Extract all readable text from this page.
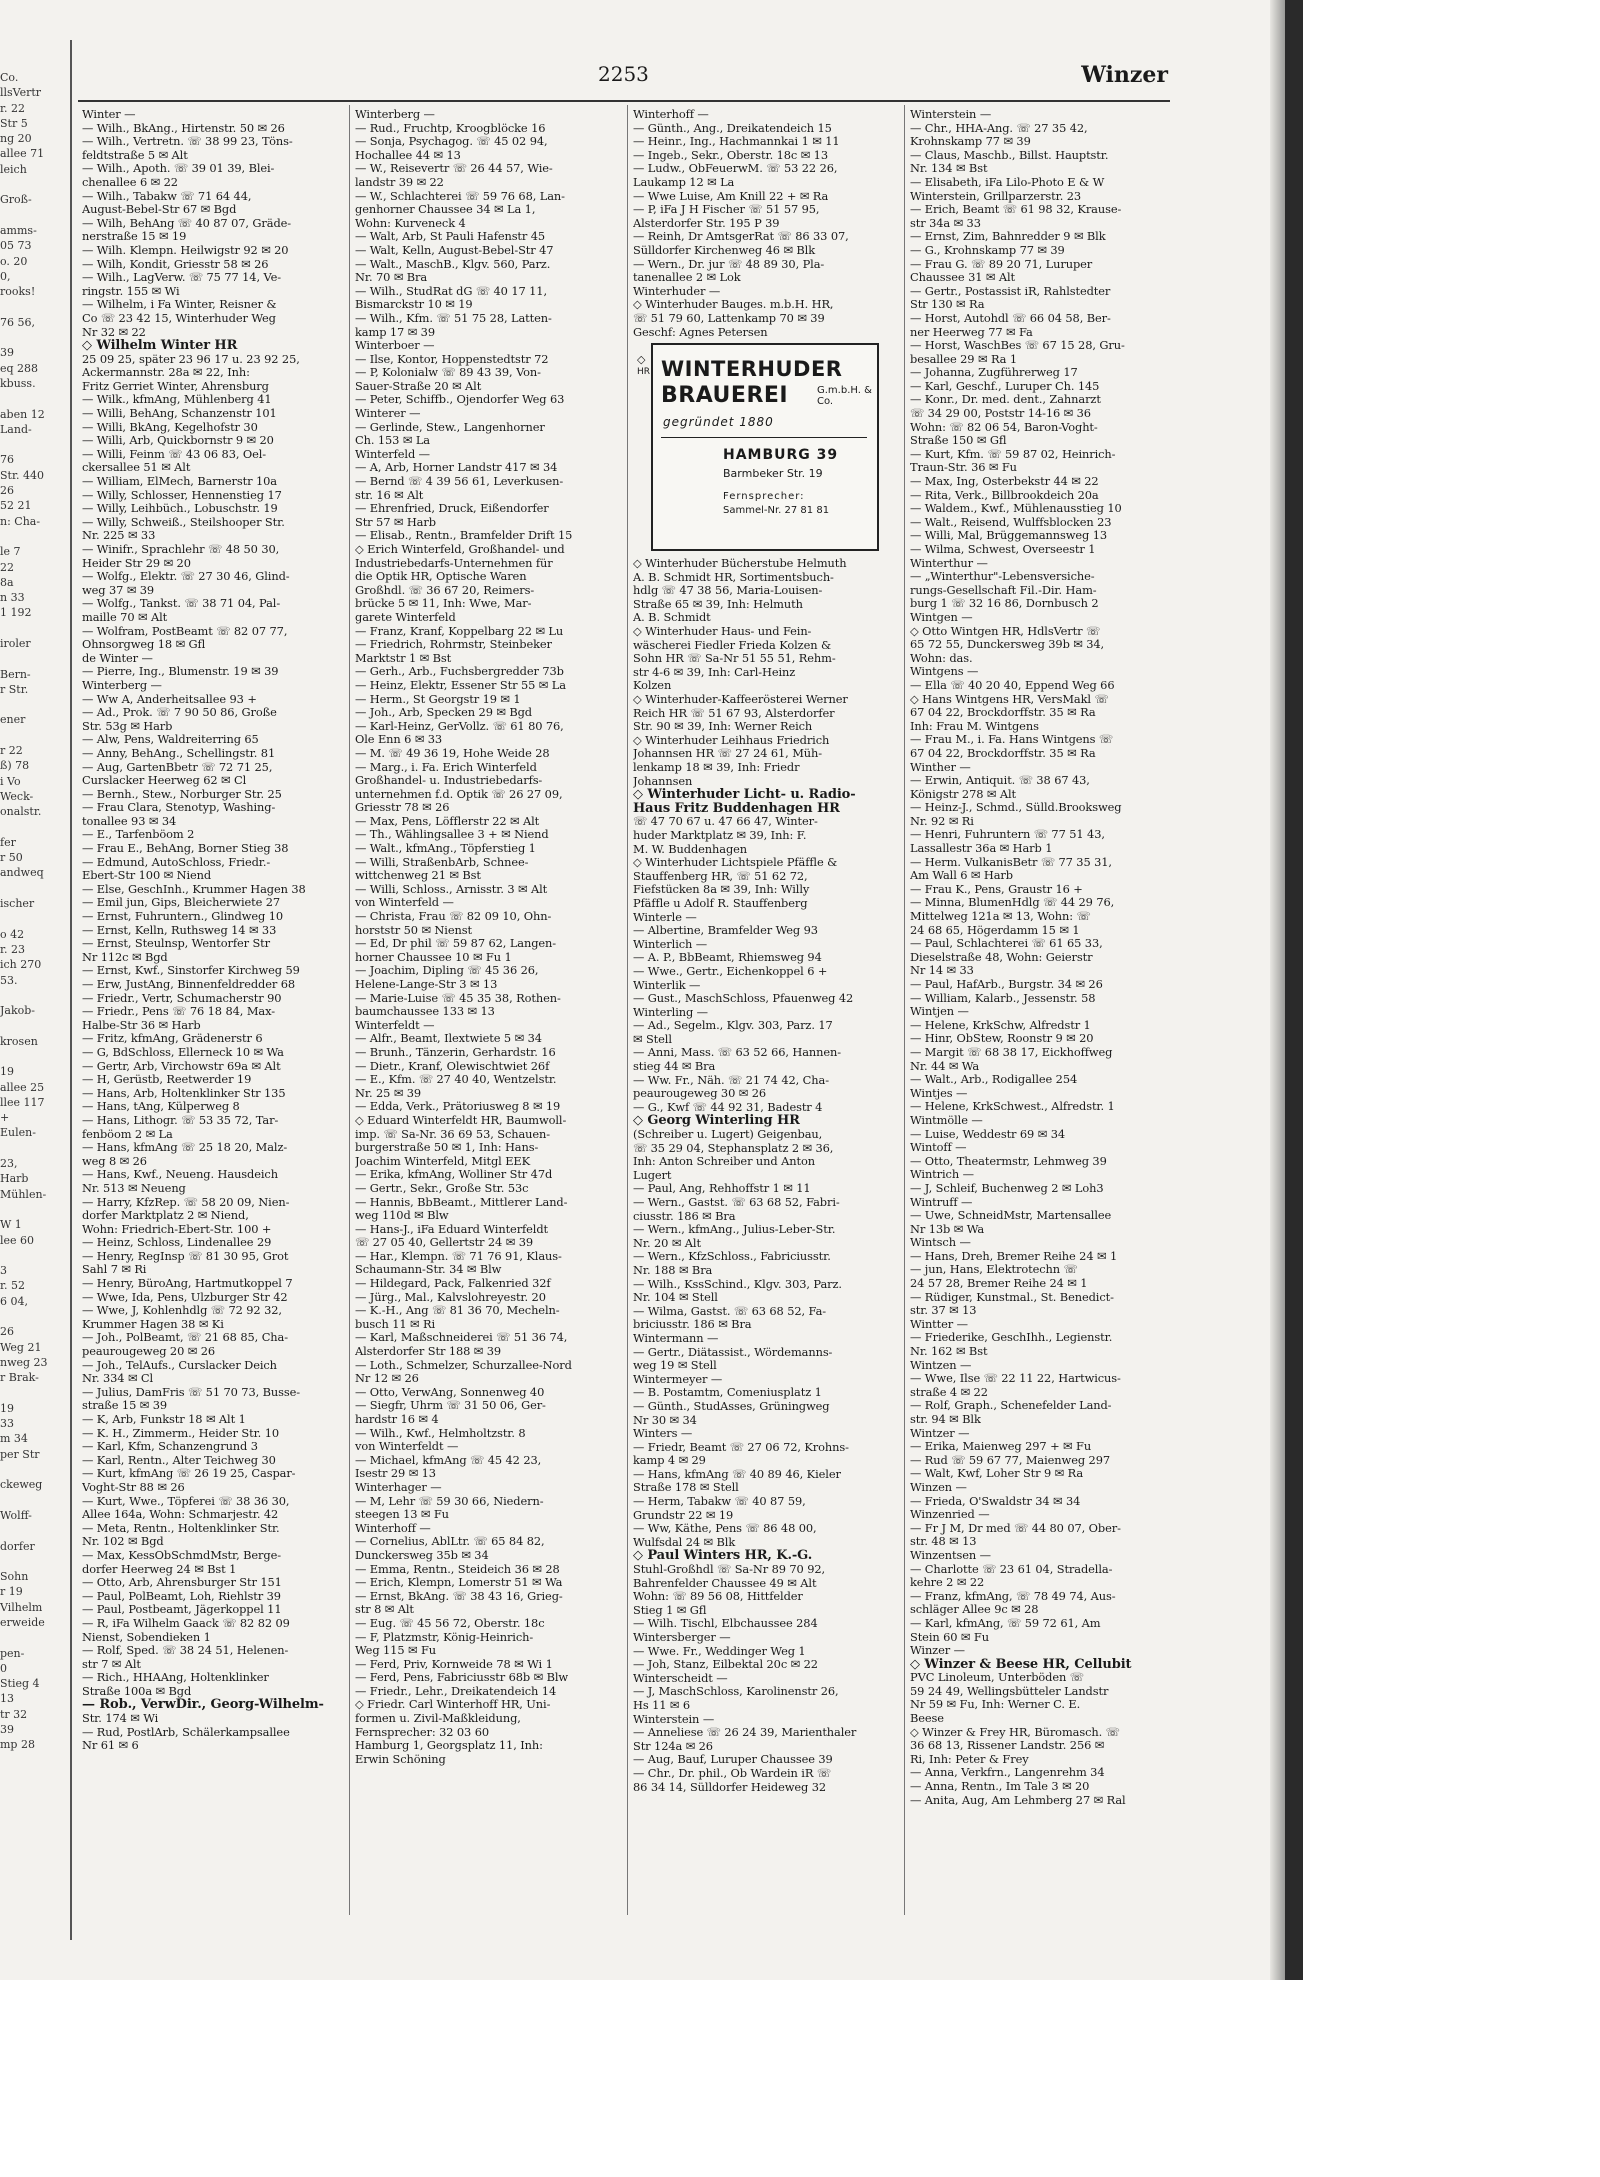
Co.
llsVertr
r. 22
Str 5
ng 20
allee 71
leich

Groß-

amms-
05 73
o. 20
0,
rooks!

76 56,

39
eq 288
kbuss.

aben 12
Land-

76
Str. 440
26
52 21
n: Cha-

le 7
22
8a
n 33
1 192

iroler

Bern-
r Str.

ener

r 22
ß) 78
i Vo
Weck-
onalstr.

fer
r 50
andweq

ischer

o 42
r. 23
ich 270
53.

Jakob-

krosen

19
allee 25
llee 117
+
Eulen-

23,
Harb
Mühlen-

W 1
lee 60

3
r. 52
6 04,

26
Weg 21
nweg 23
r Brak-

19
33
m 34
per Str

ckeweg

Wolff-

dorfer

Sohn
r 19
Vilhelm
erweide

pen-
0
Stieg 4
13
tr 32
39
mp 28
2253	Winzer
Winter —
— Wilh., BkAng., Hirtenstr. 50 ✉ 26
— Wilh., Vertretn. ☏ 38 99 23, Töns-
feldtstraße 5 ✉ Alt
— Wilh., Apoth. ☏ 39 01 39, Blei-
chenallee 6 ✉ 22
— Wilh., Tabakw ☏ 71 64 44,
August-Bebel-Str 67 ✉ Bgd
— Wilh, BehAng ☏ 40 87 07, Gräde-
nerstraße 15 ✉ 19
— Wilh. Klempn. Heilwigstr 92 ✉ 20
— Wilh, Kondit, Griesstr 58 ✉ 26
— Wilh., LagVerw. ☏ 75 77 14, Ve-
ringstr. 155 ✉ Wi
— Wilhelm, i Fa Winter, Reisner &
Co ☏ 23 42 15, Winterhuder Weg
Nr 32 ✉ 22
◇ Wilhelm Winter HR
25 09 25, später 23 96 17 u. 23 92 25,
Ackermannstr. 28a ✉ 22, Inh:
Fritz Gerriet Winter, Ahrensburg
— Wilk., kfmAng, Mühlenberg 41
— Willi, BehAng, Schanzenstr 101
— Willi, BkAng, Kegelhofstr 30
— Willi, Arb, Quickbornstr 9 ✉ 20
— Willi, Feinm ☏ 43 06 83, Oel-
ckersallee 51 ✉ Alt
— William, ElMech, Barnerstr 10a
— Willy, Schlosser, Hennenstieg 17
— Willy, Leihbüch., Lobuschstr. 19
— Willy, Schweiß., Steilshooper Str.
Nr. 225 ✉ 33
— Winifr., Sprachlehr ☏ 48 50 30,
Heider Str 29 ✉ 20
— Wolfg., Elektr. ☏ 27 30 46, Glind-
weg 37 ✉ 39
— Wolfg., Tankst. ☏ 38 71 04, Pal-
maille 70 ✉ Alt
— Wolfram, PostBeamt ☏ 82 07 77,
Ohnsorgweg 18 ✉ Gfl
de Winter —
— Pierre, Ing., Blumenstr. 19 ✉ 39
Winterberg —
— Ww A, Anderheitsallee 93 +
— Ad., Prok. ☏ 7 90 50 86, Große
Str. 53g ✉ Harb
— Alw, Pens, Waldreiterring 65
— Anny, BehAng., Schellingstr. 81
— Aug, GartenBbetr ☏ 72 71 25,
Curslacker Heerweg 62 ✉ Cl
— Bernh., Stew., Norburger Str. 25
— Frau Clara, Stenotyp, Washing-
tonallee 93 ✉ 34
— E., Tarfenböom 2
— Frau E., BehAng, Borner Stieg 38
— Edmund, AutoSchloss, Friedr.-
Ebert-Str 100 ✉ Niend
— Else, GeschInh., Krummer Hagen 38
— Emil jun, Gips, Bleicherwiete 27
— Ernst, Fuhruntern., Glindweg 10
— Ernst, Kelln, Ruthsweg 14 ✉ 33
— Ernst, Steulnsp, Wentorfer Str
Nr 112c ✉ Bgd
— Ernst, Kwf., Sinstorfer Kirchweg 59
— Erw, JustAng, Binnenfeldredder 68
— Friedr., Vertr, Schumacherstr 90
— Friedr., Pens ☏ 76 18 84, Max-
Halbe-Str 36 ✉ Harb
— Fritz, kfmAng, Grädenerstr 6
— G, BdSchloss, Ellerneck 10 ✉ Wa
— Gertr, Arb, Virchowstr 69a ✉ Alt
— H, Gerüstb, Reetwerder 19
— Hans, Arb, Holtenklinker Str 135
— Hans, tAng, Külperweg 8
— Hans, Lithogr. ☏ 53 35 72, Tar-
fenböom 2 ✉ La
— Hans, kfmAng ☏ 25 18 20, Malz-
weg 8 ✉ 26
— Hans, Kwf., Neueng. Hausdeich
Nr. 513 ✉ Neueng
— Harry, KfzRep. ☏ 58 20 09, Nien-
dorfer Marktplatz 2 ✉ Niend,
Wohn: Friedrich-Ebert-Str. 100 +
— Heinz, Schloss, Lindenallee 29
— Henry, RegInsp ☏ 81 30 95, Grot
Sahl 7 ✉ Ri
— Henry, BüroAng, Hartmutkoppel 7
— Wwe, Ida, Pens, Ulzburger Str 42
— Wwe, J, Kohlenhdlg ☏ 72 92 32,
Krummer Hagen 38 ✉ Ki
— Joh., PolBeamt, ☏ 21 68 85, Cha-
peaurougeweg 20 ✉ 26
— Joh., TelAufs., Curslacker Deich
Nr. 334 ✉ Cl
— Julius, DamFris ☏ 51 70 73, Busse-
straße 15 ✉ 39
— K, Arb, Funkstr 18 ✉ Alt 1
— K. H., Zimmerm., Heider Str. 10
— Karl, Kfm, Schanzengrund 3
— Karl, Rentn., Alter Teichweg 30
— Kurt, kfmAng ☏ 26 19 25, Caspar-
Voght-Str 88 ✉ 26
— Kurt, Wwe., Töpferei ☏ 38 36 30,
Allee 164a, Wohn: Schmarjestr. 42
— Meta, Rentn., Holtenklinker Str.
Nr. 102 ✉ Bgd
— Max, KessObSchmdMstr, Berge-
dorfer Heerweg 24 ✉ Bst 1
— Otto, Arb, Ahrensburger Str 151
— Paul, PolBeamt, Loh, Riehlstr 39
— Paul, Postbeamt, Jägerkoppel 11
— R, iFa Wilhelm Gaack ☏ 82 82 09
Nienst, Sobendieken 1
— Rolf, Sped. ☏ 38 24 51, Helenen-
str 7 ✉ Alt
— Rich., HHAAng, Holtenklinker
Straße 100a ✉ Bgd
— Rob., VerwDir., Georg-Wilhelm-
Str. 174 ✉ Wi
— Rud, PostlArb, Schälerkampsallee
Nr 61 ✉ 6
Winterberg —
— Rud., Fruchtp, Kroogblöcke 16
— Sonja, Psychagog. ☏ 45 02 94,
Hochallee 44 ✉ 13
— W., Reisevertr ☏ 26 44 57, Wie-
landstr 39 ✉ 22
— W., Schlachterei ☏ 59 76 68, Lan-
genhorner Chaussee 34 ✉ La 1,
Wohn: Kurveneck 4
— Walt, Arb, St Pauli Hafenstr 45
— Walt, Kelln, August-Bebel-Str 47
— Walt., MaschB., Klgv. 560, Parz.
Nr. 70 ✉ Bra
— Wilh., StudRat dG ☏ 40 17 11,
Bismarckstr 10 ✉ 19
— Wilh., Kfm. ☏ 51 75 28, Latten-
kamp 17 ✉ 39
Winterboer —
— Ilse, Kontor, Hoppenstedtstr 72
— P, Kolonialw ☏ 89 43 39, Von-
Sauer-Straße 20 ✉ Alt
— Peter, Schiffb., Ojendorfer Weg 63
Winterer —
— Gerlinde, Stew., Langenhorner
Ch. 153 ✉ La
Winterfeld —
— A, Arb, Horner Landstr 417 ✉ 34
— Bernd ☏ 4 39 56 61, Leverkusen-
str. 16 ✉ Alt
— Ehrenfried, Druck, Eißendorfer
Str 57 ✉ Harb
— Elisab., Rentn., Bramfelder Drift 15
◇ Erich Winterfeld, Großhandel- und
Industriebedarfs-Unternehmen für
die Optik HR, Optische Waren
Großhdl. ☏ 36 67 20, Reimers-
brücke 5 ✉ 11, Inh: Wwe, Mar-
garete Winterfeld
— Franz, Kranf, Koppelbarg 22 ✉ Lu
— Friedrich, Rohrmstr, Steinbeker
Marktstr 1 ✉ Bst
— Gerh., Arb., Fuchsbergredder 73b
— Heinz, Elektr, Essener Str 55 ✉ La
— Herm., St Georgstr 19 ✉ 1
— Joh., Arb, Specken 29 ✉ Bgd
— Karl-Heinz, GerVollz. ☏ 61 80 76,
Ole Enn 6 ✉ 33
— M. ☏ 49 36 19, Hohe Weide 28
— Marg., i. Fa. Erich Winterfeld
Großhandel- u. Industriebedarfs-
unternehmen f.d. Optik ☏ 26 27 09,
Griesstr 78 ✉ 26
— Max, Pens, Löfflerstr 22 ✉ Alt
— Th., Wählingsallee 3 + ✉ Niend
— Walt., kfmAng., Töpferstieg 1
— Willi, StraßenbArb, Schnee-
wittchenweg 21 ✉ Bst
— Willi, Schloss., Arnisstr. 3 ✉ Alt
von Winterfeld —
— Christa, Frau ☏ 82 09 10, Ohn-
horststr 50 ✉ Nienst
— Ed, Dr phil ☏ 59 87 62, Langen-
horner Chaussee 10 ✉ Fu 1
— Joachim, Dipling ☏ 45 36 26,
Helene-Lange-Str 3 ✉ 13
— Marie-Luise ☏ 45 35 38, Rothen-
baumchaussee 133 ✉ 13
Winterfeldt —
— Alfr., Beamt, Ilextwiete 5 ✉ 34
— Brunh., Tänzerin, Gerhardstr. 16
— Dietr., Kranf, Olewischtwiet 26f
— E., Kfm. ☏ 27 40 40, Wentzelstr.
Nr. 25 ✉ 39
— Edda, Verk., Prätoriusweg 8 ✉ 19
◇ Eduard Winterfeldt HR, Baumwoll-
imp. ☏ Sa-Nr. 36 69 53, Schauen-
burgerstraße 50 ✉ 1, Inh: Hans-
Joachim Winterfeld, Mitgl EEK
— Erika, kfmAng, Wolliner Str 47d
— Gertr., Sekr., Große Str. 53c
— Hannis, BbBeamt., Mittlerer Land-
weg 110d ✉ Blw
— Hans-J., iFa Eduard Winterfeldt
☏ 27 05 40, Gellertstr 24 ✉ 39
— Har., Klempn. ☏ 71 76 91, Klaus-
Schaumann-Str. 34 ✉ Blw
— Hildegard, Pack, Falkenried 32f
— Jürg., Mal., Kalvslohreyestr. 20
— K.-H., Ang ☏ 81 36 70, Mecheln-
busch 11 ✉ Ri
— Karl, Maßschneiderei ☏ 51 36 74,
Alsterdorfer Str 188 ✉ 39
— Loth., Schmelzer, Schurzallee-Nord
Nr 12 ✉ 26
— Otto, VerwAng, Sonnenweg 40
— Siegfr, Uhrm ☏ 31 50 06, Ger-
hardstr 16 ✉ 4
— Wilh., Kwf., Helmholtzstr. 8
von Winterfeldt —
— Michael, kfmAng ☏ 45 42 23,
Isestr 29 ✉ 13
Winterhager —
— M, Lehr ☏ 59 30 66, Niedern-
steegen 13 ✉ Fu
Winterhoff —
— Cornelius, AblLtr. ☏ 65 84 82,
Dunckersweg 35b ✉ 34
— Emma, Rentn., Steideich 36 ✉ 28
— Erich, Klempn, Lomerstr 51 ✉ Wa
— Ernst, BkAng. ☏ 38 43 16, Grieg-
str 8 ✉ Alt
— Eug. ☏ 45 56 72, Oberstr. 18c
— F, Platzmstr, König-Heinrich-
Weg 115 ✉ Fu
— Ferd, Priv, Kornweide 78 ✉ Wi 1
— Ferd, Pens, Fabriciusstr 68b ✉ Blw
— Friedr., Lehr., Dreikatendeich 14
◇ Friedr. Carl Winterhoff HR, Uni-
formen u. Zivil-Maßkleidung,
Fernsprecher: 32 03 60
Hamburg 1, Georgsplatz 11, Inh:
Erwin Schöning
Winterhoff —
— Günth., Ang., Dreikatendeich 15
— Heinr., Ing., Hachmannkai 1 ✉ 11
— Ingeb., Sekr., Oberstr. 18c ✉ 13
— Ludw., ObFeuerwM. ☏ 53 22 26,
Laukamp 12 ✉ La
— Wwe Luise, Am Knill 22 + ✉ Ra
— P, iFa J H Fischer ☏ 51 57 95,
Alsterdorfer Str. 195 P 39
— Reinh, Dr AmtsgerRat ☏ 86 33 07,
Sülldorfer Kirchenweg 46 ✉ Blk
— Wern., Dr. jur ☏ 48 89 30, Pla-
tanenallee 2 ✉ Lok
Winterhuder —
◇ Winterhuder Bauges. m.b.H. HR,
☏ 51 79 60, Lattenkamp 70 ✉ 39
Geschf: Agnes Petersen
◇
HR WINTERHUDER
BRAUEREI	G.m.b.H. & Co.
gegründet 1880
HAMBURG 39
Barmbeker Str. 19
Fernsprecher:
Sammel-Nr. 27 81 81
◇ Winterhuder Bücherstube Helmuth
A. B. Schmidt HR, Sortimentsbuch-
hdlg ☏ 47 38 56, Maria-Louisen-
Straße 65 ✉ 39, Inh: Helmuth
A. B. Schmidt
◇ Winterhuder Haus- und Fein-
wäscherei Fiedler Frieda Kolzen &
Sohn HR ☏ Sa-Nr 51 55 51, Rehm-
str 4-6 ✉ 39, Inh: Carl-Heinz
Kolzen
◇ Winterhuder-Kaffeerösterei Werner
Reich HR ☏ 51 67 93, Alsterdorfer
Str. 90 ✉ 39, Inh: Werner Reich
◇ Winterhuder Leihhaus Friedrich
Johannsen HR ☏ 27 24 61, Müh-
lenkamp 18 ✉ 39, Inh: Friedr
Johannsen
◇ Winterhuder Licht- u. Radio-
Haus Fritz Buddenhagen HR
☏ 47 70 67 u. 47 66 47, Winter-
huder Marktplatz ✉ 39, Inh: F.
M. W. Buddenhagen
◇ Winterhuder Lichtspiele Pfäffle &
Stauffenberg HR, ☏ 51 62 72,
Fiefstücken 8a ✉ 39, Inh: Willy
Pfäffle u Adolf R. Stauffenberg
Winterle —
— Albertine, Bramfelder Weg 93
Winterlich —
— A. P., BbBeamt, Rhiemsweg 94
— Wwe., Gertr., Eichenkoppel 6 +
Winterlik —
— Gust., MaschSchloss, Pfauenweg 42
Winterling —
— Ad., Segelm., Klgv. 303, Parz. 17
✉ Stell
— Anni, Mass. ☏ 63 52 66, Hannen-
stieg 44 ✉ Bra
— Ww. Fr., Näh. ☏ 21 74 42, Cha-
peaurougeweg 30 ✉ 26
— G., Kwf ☏ 44 92 31, Badestr 4
◇ Georg Winterling HR
(Schreiber u. Lugert) Geigenbau,
☏ 35 29 04, Stephansplatz 2 ✉ 36,
Inh: Anton Schreiber und Anton
Lugert
— Paul, Ang, Rehhoffstr 1 ✉ 11
— Wern., Gastst. ☏ 63 68 52, Fabri-
ciusstr. 186 ✉ Bra
— Wern., kfmAng., Julius-Leber-Str.
Nr. 20 ✉ Alt
— Wern., KfzSchloss., Fabriciusstr.
Nr. 188 ✉ Bra
— Wilh., KssSchind., Klgv. 303, Parz.
Nr. 104 ✉ Stell
— Wilma, Gastst. ☏ 63 68 52, Fa-
briciusstr. 186 ✉ Bra
Wintermann —
— Gertr., Diätassist., Wördemanns-
weg 19 ✉ Stell
Wintermeyer —
— B. Postamtm, Comeniusplatz 1
— Günth., StudAsses, Grüningweg
Nr 30 ✉ 34
Winters —
— Friedr, Beamt ☏ 27 06 72, Krohns-
kamp 4 ✉ 29
— Hans, kfmAng ☏ 40 89 46, Kieler
Straße 178 ✉ Stell
— Herm, Tabakw ☏ 40 87 59,
Grundstr 22 ✉ 19
— Ww, Käthe, Pens ☏ 86 48 00,
Wulfsdal 24 ✉ Blk
◇ Paul Winters HR, K.-G.
Stuhl-Großhdl ☏ Sa-Nr 89 70 92,
Bahrenfelder Chaussee 49 ✉ Alt
Wohn: ☏ 89 56 08, Hittfelder
Stieg 1 ✉ Gfl
— Wilh. Tischl, Elbchaussee 284
Wintersberger —
— Wwe. Fr., Weddinger Weg 1
— Joh, Stanz, Eilbektal 20c ✉ 22
Winterscheidt —
— J, MaschSchloss, Karolinenstr 26,
Hs 11 ✉ 6
Winterstein —
— Anneliese ☏ 26 24 39, Marienthaler
Str 124a ✉ 26
— Aug, Bauf, Luruper Chaussee 39
— Chr., Dr. phil., Ob Wardein iR ☏
86 34 14, Sülldorfer Heideweg 32
Winterstein —
— Chr., HHA-Ang. ☏ 27 35 42,
Krohnskamp 77 ✉ 39
— Claus, Maschb., Billst. Hauptstr.
Nr. 134 ✉ Bst
— Elisabeth, iFa Lilo-Photo E & W
Winterstein, Grillparzerstr. 23
— Erich, Beamt ☏ 61 98 32, Krause-
str 34a ✉ 33
— Ernst, Zim, Bahnredder 9 ✉ Blk
— G., Krohnskamp 77 ✉ 39
— Frau G. ☏ 89 20 71, Luruper
Chaussee 31 ✉ Alt
— Gertr., Postassist iR, Rahlstedter
Str 130 ✉ Ra
— Horst, Autohdl ☏ 66 04 58, Ber-
ner Heerweg 77 ✉ Fa
— Horst, WaschBes ☏ 67 15 28, Gru-
besallee 29 ✉ Ra 1
— Johanna, Zugführerweg 17
— Karl, Geschf., Luruper Ch. 145
— Konr., Dr. med. dent., Zahnarzt
☏ 34 29 00, Poststr 14-16 ✉ 36
Wohn: ☏ 82 06 54, Baron-Voght-
Straße 150 ✉ Gfl
— Kurt, Kfm. ☏ 59 87 02, Heinrich-
Traun-Str. 36 ✉ Fu
— Max, Ing, Osterbekstr 44 ✉ 22
— Rita, Verk., Billbrookdeich 20a
— Waldem., Kwf., Mühlenausstieg 10
— Walt., Reisend, Wulffsblocken 23
— Willi, Mal, Brüggemannsweg 13
— Wilma, Schwest, Overseestr 1
Winterthur —
— „Winterthur"-Lebensversiche-
rungs-Gesellschaft Fil.-Dir. Ham-
burg 1 ☏ 32 16 86, Dornbusch 2
Wintgen —
◇ Otto Wintgen HR, HdlsVertr ☏
65 72 55, Dunckersweg 39b ✉ 34,
Wohn: das.
Wintgens —
— Ella ☏ 40 20 40, Eppend Weg 66
◇ Hans Wintgens HR, VersMakl ☏
67 04 22, Brockdorffstr. 35 ✉ Ra
Inh: Frau M. Wintgens
— Frau M., i. Fa. Hans Wintgens ☏
67 04 22, Brockdorffstr. 35 ✉ Ra
Winther —
— Erwin, Antiquit. ☏ 38 67 43,
Königstr 278 ✉ Alt
— Heinz-J., Schmd., Sülld.Brooksweg
Nr. 92 ✉ Ri
— Henri, Fuhruntern ☏ 77 51 43,
Lassallestr 36a ✉ Harb 1
— Herm. VulkanisBetr ☏ 77 35 31,
Am Wall 6 ✉ Harb
— Frau K., Pens, Graustr 16 +
— Minna, BlumenHdlg ☏ 44 29 76,
Mittelweg 121a ✉ 13, Wohn: ☏
24 68 65, Högerdamm 15 ✉ 1
— Paul, Schlachterei ☏ 61 65 33,
Dieselstraße 48, Wohn: Geierstr
Nr 14 ✉ 33
— Paul, HafArb., Burgstr. 34 ✉ 26
— William, Kalarb., Jessenstr. 58
Wintjen —
— Helene, KrkSchw, Alfredstr 1
— Hinr, ObStew, Roonstr 9 ✉ 20
— Margit ☏ 68 38 17, Eickhoffweg
Nr. 44 ✉ Wa
— Walt., Arb., Rodigallee 254
Wintjes —
— Helene, KrkSchwest., Alfredstr. 1
Wintmölle —
— Luise, Weddestr 69 ✉ 34
Wintoff —
— Otto, Theatermstr, Lehmweg 39
Wintrich —
— J, Schleif, Buchenweg 2 ✉ Loh3
Wintruff —
— Uwe, SchneidMstr, Martensallee
Nr 13b ✉ Wa
Wintsch —
— Hans, Dreh, Bremer Reihe 24 ✉ 1
— jun, Hans, Elektrotechn ☏
24 57 28, Bremer Reihe 24 ✉ 1
— Rüdiger, Kunstmal., St. Benedict-
str. 37 ✉ 13
Wintter —
— Friederike, GeschIhh., Legienstr.
Nr. 162 ✉ Bst
Wintzen —
— Wwe, Ilse ☏ 22 11 22, Hartwicus-
straße 4 ✉ 22
— Rolf, Graph., Schenefelder Land-
str. 94 ✉ Blk
Wintzer —
— Erika, Maienweg 297 + ✉ Fu
— Rud ☏ 59 67 77, Maienweg 297
— Walt, Kwf, Loher Str 9 ✉ Ra
Winzen —
— Frieda, O'Swaldstr 34 ✉ 34
Winzenried —
— Fr J M, Dr med ☏ 44 80 07, Ober-
str. 48 ✉ 13
Winzentsen —
— Charlotte ☏ 23 61 04, Stradella-
kehre 2 ✉ 22
— Franz, kfmAng, ☏ 78 49 74, Aus-
schläger Allee 9c ✉ 28
— Karl, kfmAng, ☏ 59 72 61, Am
Stein 60 ✉ Fu
Winzer —
◇ Winzer & Beese HR, Cellubit
PVC Linoleum, Unterböden ☏
59 24 49, Wellingsbütteler Landstr
Nr 59 ✉ Fu, Inh: Werner C. E.
Beese
◇ Winzer & Frey HR, Büromasch. ☏
36 68 13, Rissener Landstr. 256 ✉
Ri, Inh: Peter & Frey
— Anna, Verkfrn., Langenrehm 34
— Anna, Rentn., Im Tale 3 ✉ 20
— Anita, Aug, Am Lehmberg 27 ✉ Ral
